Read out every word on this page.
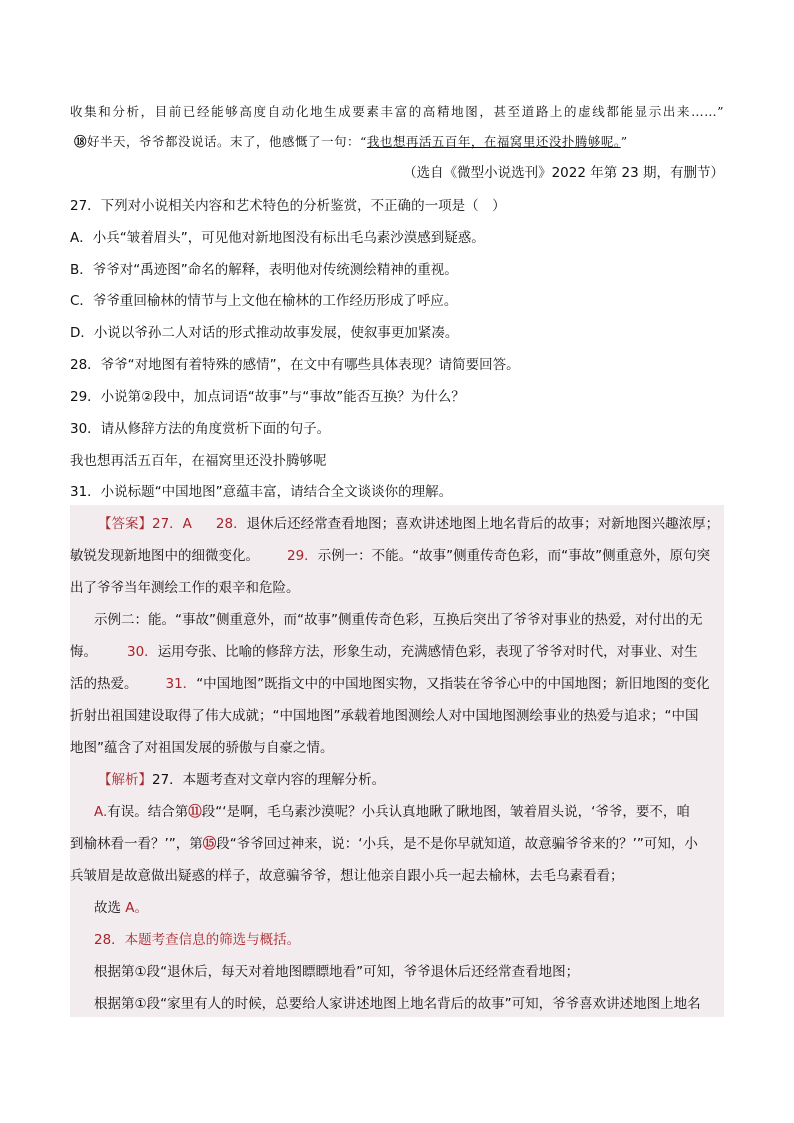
收集和分析，目前已经能够高度自动化地生成要素丰富的高精地图，甚至道路上的虚线都能显示出来……”
⑱好半天，爷爷都没说话。末了，他感慨了一句：“我也想再活五百年，在福窝里还没扑腾够呢。”
（选自《微型小说选刊》2022 年第 23 期，有删节）
27．下列对小说相关内容和艺术特色的分析鉴赏，不正确的一项是（　）
A．小兵“皱着眉头”，可见他对新地图没有标出毛乌素沙漠感到疑惑。
B．爷爷对“禹迹图”命名的解释，表明他对传统测绘精神的重视。
C．爷爷重回榆林的情节与上文他在榆林的工作经历形成了呼应。
D．小说以爷孙二人对话的形式推动故事发展，使叙事更加紧凑。
28．爷爷“对地图有着特殊的感情”，在文中有哪些具体表现？请简要回答。
29．小说第②段中，加点词语“故事”与“事故”能否互换？为什么？
30．请从修辞方法的角度赏析下面的句子。
我也想再活五百年，在福窝里还没扑腾够呢
31．小说标题“中国地图”意蕴丰富，请结合全文谈谈你的理解。
【答案】27．A 28．退休后还经常查看地图；喜欢讲述地图上地名背后的故事；对新地图兴趣浓厚；
敏锐发现新地图中的细微变化。 29．示例一：不能。“故事”侧重传奇色彩，而“事故”侧重意外，原句突
出了爷爷当年测绘工作的艰辛和危险。
示例二：能。“事故”侧重意外，而“故事”侧重传奇色彩，互换后突出了爷爷对事业的热爱，对付出的无
悔。 30．运用夸张、比喻的修辞方法，形象生动，充满感情色彩，表现了爷爷对时代，对事业、对生
活的热爱。 31．“中国地图”既指文中的中国地图实物，又指装在爷爷心中的中国地图；新旧地图的变化
折射出祖国建设取得了伟大成就；“中国地图”承载着地图测绘人对中国地图测绘事业的热爱与追求；“中国
地图”蕴含了对祖国发展的骄傲与自豪之情。
【解析】27．本题考查对文章内容的理解分析。
A.有误。结合第⑪段“‘是啊，毛乌素沙漠呢？小兵认真地瞅了瞅地图，皱着眉头说，‘爷爷，要不，咱
到榆林看一看？’”，第⑮段“爷爷回过神来，说：‘小兵，是不是你早就知道，故意骗爷爷来的？’”可知，小
兵皱眉是故意做出疑惑的样子，故意骗爷爷，想让他亲自跟小兵一起去榆林，去毛乌素看看；
故选 A。
28．本题考查信息的筛选与概括。
根据第①段“退休后，每天对着地图瞟瞟地看”可知，爷爷退休后还经常查看地图；
根据第①段“家里有人的时候，总要给人家讲述地图上地名背后的故事”可知，爷爷喜欢讲述地图上地名
